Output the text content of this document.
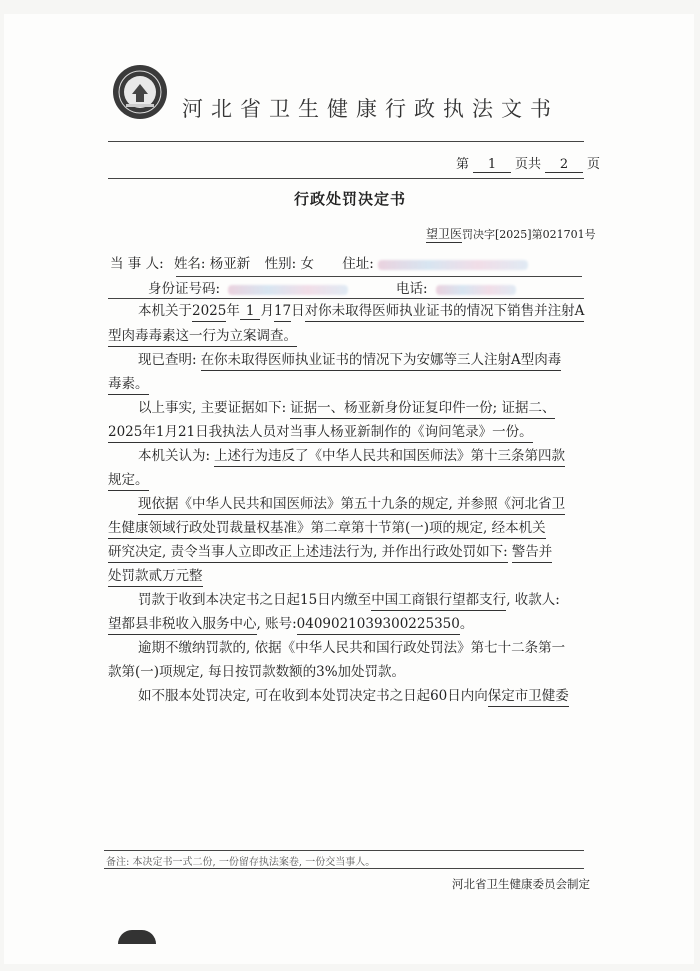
河北省卫生健康行政执法文书
第 1 页共 2 页
行政处罚决定书
望卫医罚决字[2025]第021701号
当 事 人: 姓名: 杨亚新 性别: 女 住址:
身份证号码:	电话:
本机关于2025年 1 月17日对你未取得医师执业证书的情况下销售并注射A
型肉毒毒素这一行为立案调查。
现已查明: 在你未取得医师执业证书的情况下为安娜等三人注射A型肉毒
毒素。
以上事实, 主要证据如下: 证据一、杨亚新身份证复印件一份; 证据二、
2025年1月21日我执法人员对当事人杨亚新制作的《询问笔录》一份。
本机关认为: 上述行为违反了《中华人民共和国医师法》第十三条第四款
规定。
现依据《中华人民共和国医师法》第五十九条的规定, 并参照《河北省卫
生健康领域行政处罚裁量权基准》第二章第十节第(一)项的规定, 经本机关
研究决定, 责令当事人立即改正上述违法行为, 并作出行政处罚如下: 警告并
处罚款贰万元整
罚款于收到本决定书之日起15日内缴至中国工商银行望都支行, 收款人:
望都县非税收入服务中心, 账号:0409021039300225350。
逾期不缴纳罚款的, 依据《中华人民共和国行政处罚法》第七十二条第一
款第(一)项规定, 每日按罚款数额的3%加处罚款。
如不服本处罚决定, 可在收到本处罚决定书之日起60日内向保定市卫健委
备注: 本决定书一式二份, 一份留存执法案卷, 一份交当事人。
河北省卫生健康委员会制定
